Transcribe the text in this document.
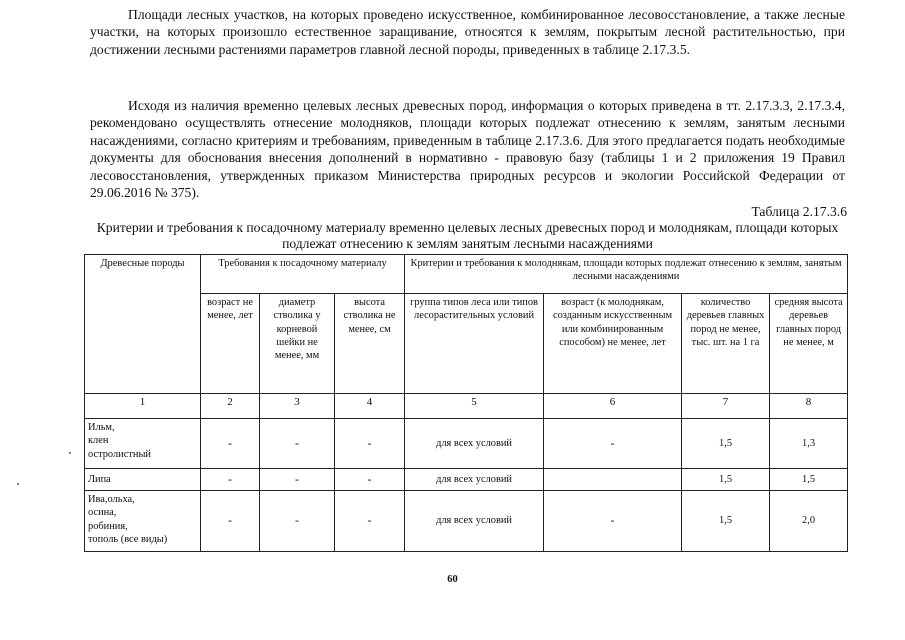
Площади лесных участков, на которых проведено искусственное, комбинированное лесовосстановление, а также лесные участки, на которых произошло естественное заращивание, относятся к землям, покрытым лесной растительностью, при достижении лесными растениями параметров главной лесной породы, приведенных в таблице 2.17.3.5.

Исходя из наличия временно целевых лесных древесных пород, информация о которых приведена в тт. 2.17.3.3, 2.17.3.4, рекомендовано осуществлять отнесение молодняков, площади которых подлежат отнесению к землям, занятым лесными насаждениями, согласно критериям и требованиям, приведенным в таблице 2.17.3.6. Для этого предлагается подать необходимые документы для обоснования внесения дополнений в нормативно - правовую базу (таблицы 1 и 2 приложения 19 Правил лесовосстановления, утвержденных приказом Министерства природных ресурсов и экологии Российской Федерации от 29.06.2016 № 375).

Таблица 2.17.3.6

Критерии и требования к посадочному материалу временно целевых лесных древесных пород и молоднякам, площади которых подлежат отнесению к землям занятым лесными насаждениями

Древесные породы	Требования к посадочному материалу			Критерии и требования к молоднякам, площади которых подлежат отнесению к землям, занятым лесными насаждениями			
	возраст не менее, лет	диаметр стволика у корневой шейки не менее, мм	высота стволика не менее, см	группа типов леса или типов лесорастительных условий	возраст (к молоднякам, созданным искусственным или комбинированным способом) не менее, лет	количество деревьев главных пород не менее, тыс. шт. на 1 га	средняя высота деревьев главных пород не менее, м
1	2	3	4	5	6	7	8

Ильм,
клен
остролистный	-	-	-	для всех условий	-	1,5	1,3

Липа	-	-	-	для всех условий		1,5	1,5

Ива,ольха,
осина,
робиния,
тополь (все виды)	-	-	-	для всех условий	-	1,5	2,0
60
